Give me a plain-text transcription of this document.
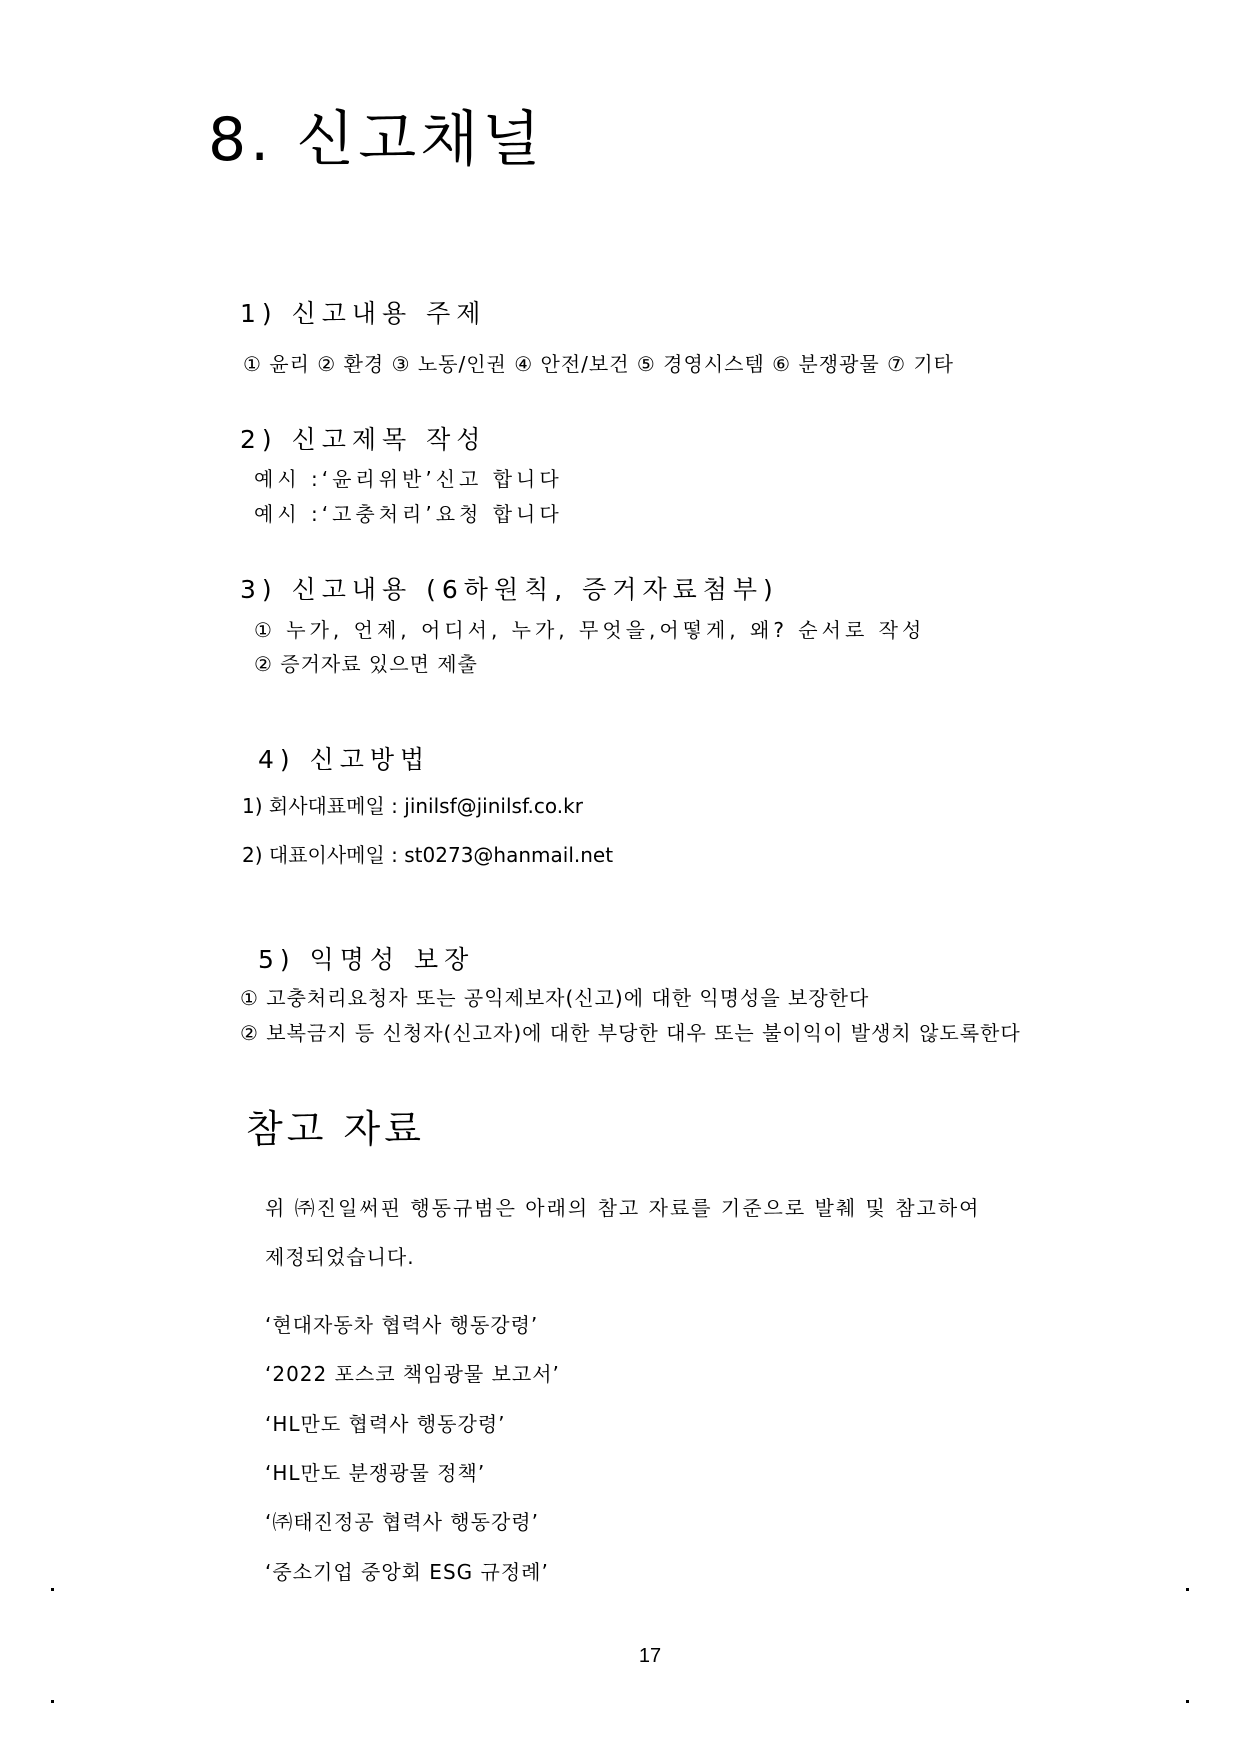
8. 신고채널
1) 신고내용 주제
① 윤리 ② 환경 ③ 노동/인권 ④ 안전/보건 ⑤ 경영시스템 ⑥ 분쟁광물 ⑦ 기타
2) 신고제목 작성
예시 :‘윤리위반’신고 합니다
예시 :‘고충처리’요청 합니다
3) 신고내용 (6하원칙, 증거자료첨부)
① 누가, 언제, 어디서, 누가, 무엇을,어떻게, 왜? 순서로 작성
② 증거자료 있으면 제출
4) 신고방법
1) 회사대표메일 : jinilsf@jinilsf.co.kr
2) 대표이사메일 : st0273@hanmail.net
5) 익명성 보장
① 고충처리요청자 또는 공익제보자(신고)에 대한 익명성을 보장한다
② 보복금지 등 신청자(신고자)에 대한 부당한 대우 또는 불이익이 발생치 않도록한다
참고 자료
위 ㈜진일써핀 행동규범은 아래의 참고 자료를 기준으로 발췌 및 참고하여
제정되었습니다.
‘현대자동차 협력사 행동강령’
‘2022 포스코 책임광물 보고서’
‘HL만도 협력사 행동강령’
‘HL만도 분쟁광물 정책’
‘㈜태진정공 협력사 행동강령’
‘중소기업 중앙회 ESG 규정례’
17
